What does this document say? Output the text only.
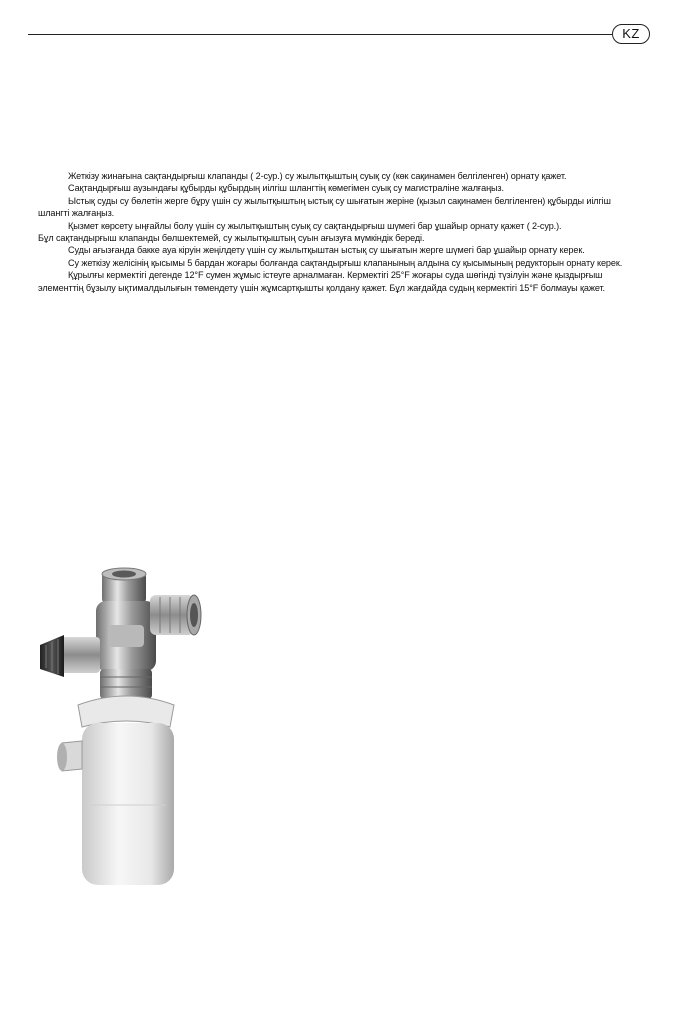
KZ

Жеткізу жинағына сақтандырғыш клапанды ( 2-сур.) су жылытқыштың суық су (көк сақинамен белгіленген) орнату қажет.

Сақтандырғыш аузындағы құбырды құбырдың иілгіш шлангтің көмегімен суық су магистраліне жалғаңыз.

Ыстық суды су бөлетін жерге бұру үшін су жылытқыштың ыстық су шығатын жеріне (қызыл сақинамен белгіленген) құбырды иілгіш шлангті жалғаңыз.

Қызмет көрсету ыңғайлы болу үшін су жылытқыштың суық су сақтандырғыш шүмегі бар ұшайыр орнату қажет ( 2-сур.).

Бұл сақтандырғыш клапанды бөлшектемей, су жылытқыштың суын ағызуға мүмкіндік береді.

Суды ағызғанда бакке ауа кіруін жеңілдету үшін су жылытқыштан ыстық су шығатын жерге шүмегі бар ұшайыр орнату керек.

Су жеткізу желісінің қысымы 5 бардан жоғары болғанда сақтандырғыш клапанының алдына су қысымының редукторын орнату керек.

Құрылғы кермектігі дегенде 12°F сумен жұмыс істеуге арналмаған. Кермектігі 25°F жоғары суда шөгінді түзілуін және қыздырғыш элементтің бұзылу ықтималдылығын төмендету үшін жұмсартқышты қолдану қажет. Бұл жағдайда судың кермектігі 15°F болмауы қажет.
